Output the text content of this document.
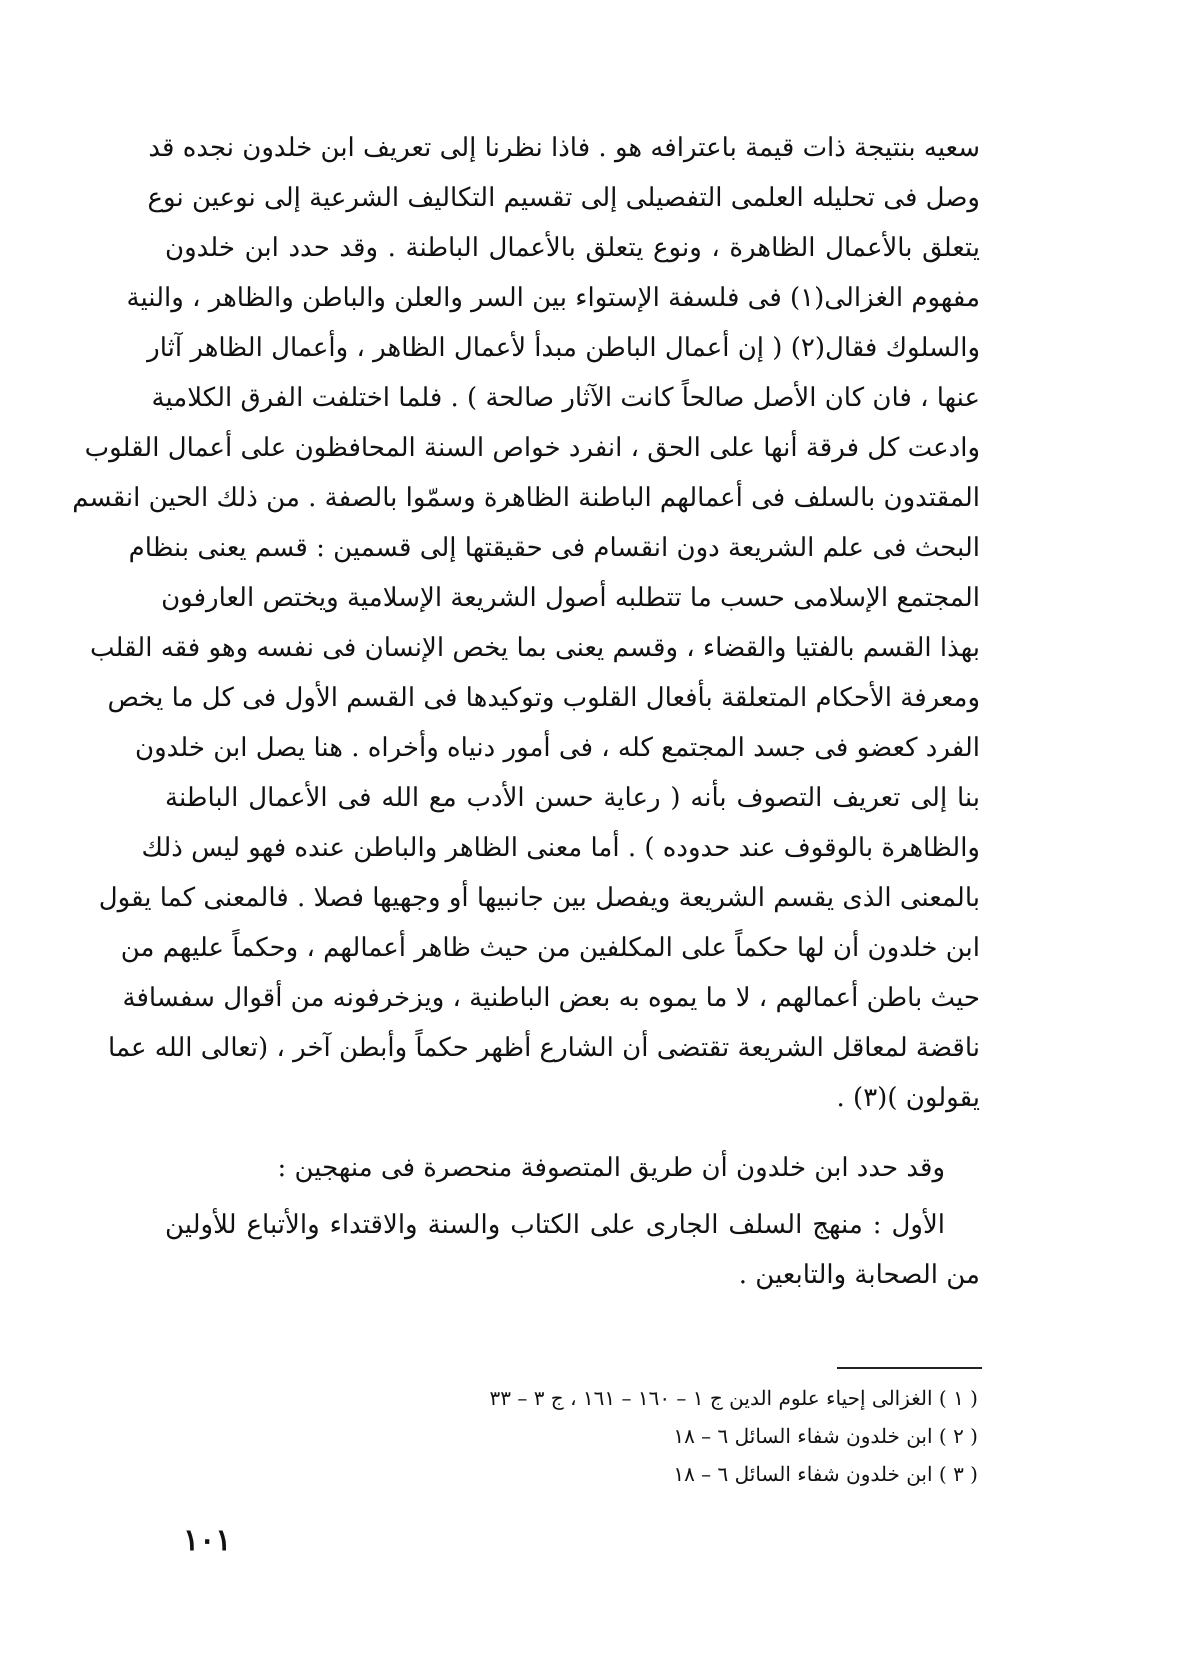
سعيه بنتيجة ذات قيمة باعترافه هو . فاذا نظرنا إلى تعريف ابن خلدون نجده قد
وصل فى تحليله العلمى التفصيلى إلى تقسيم التكاليف الشرعية إلى نوعين نوع
يتعلق بالأعمال الظاهرة ، ونوع يتعلق بالأعمال الباطنة . وقد حدد ابن خلدون
مفهوم الغزالى(١) فى فلسفة الإستواء بين السر والعلن والباطن والظاهر ، والنية
والسلوك فقال(٢) ( إن أعمال الباطن مبدأ لأعمال الظاهر ، وأعمال الظاهر آثار
عنها ، فان كان الأصل صالحاً كانت الآثار صالحة ) . فلما اختلفت الفرق الكلامية
وادعت كل فرقة أنها على الحق ، انفرد خواص السنة المحافظون على أعمال القلوب
المقتدون بالسلف فى أعمالهم الباطنة الظاهرة وسمّوا بالصفة . من ذلك الحين انقسم
البحث فى علم الشريعة دون انقسام فى حقيقتها إلى قسمين : قسم يعنى بنظام
المجتمع الإسلامى حسب ما تتطلبه أصول الشريعة الإسلامية ويختص العارفون
بهذا القسم بالفتيا والقضاء ، وقسم يعنى بما يخص الإنسان فى نفسه وهو فقه القلب
ومعرفة الأحكام المتعلقة بأفعال القلوب وتوكيدها فى القسم الأول فى كل ما يخص
الفرد كعضو فى جسد المجتمع كله ، فى أمور دنياه وأخراه . هنا يصل ابن خلدون
بنا إلى تعريف التصوف بأنه ( رعاية حسن الأدب مع الله فى الأعمال الباطنة
والظاهرة بالوقوف عند حدوده ) . أما معنى الظاهر والباطن عنده فهو ليس ذلك
بالمعنى الذى يقسم الشريعة ويفصل بين جانبيها أو وجهيها فصلا . فالمعنى كما يقول
ابن خلدون أن لها حكماً على المكلفين من حيث ظاهر أعمالهم ، وحكماً عليهم من
حيث باطن أعمالهم ، لا ما يموه به بعض الباطنية ، ويزخرفونه من أقوال سفسافة
ناقضة لمعاقل الشريعة تقتضى أن الشارع أظهر حكماً وأبطن آخر ، (تعالى الله عما
يقولون )(٣) .
وقد حدد ابن خلدون أن طريق المتصوفة منحصرة فى منهجين :
الأول : منهج السلف الجارى على الكتاب والسنة والاقتداء والأتباع للأولين
من الصحابة والتابعين .
( ١ ) الغزالى إحياء علوم الدين ج ١ – ١٦٠ – ١٦١ ، ج ٣ – ٣٣
( ٢ ) ابن خلدون شفاء السائل ٦ – ١٨
( ٣ ) ابن خلدون شفاء السائل ٦ – ١٨
١٠١
